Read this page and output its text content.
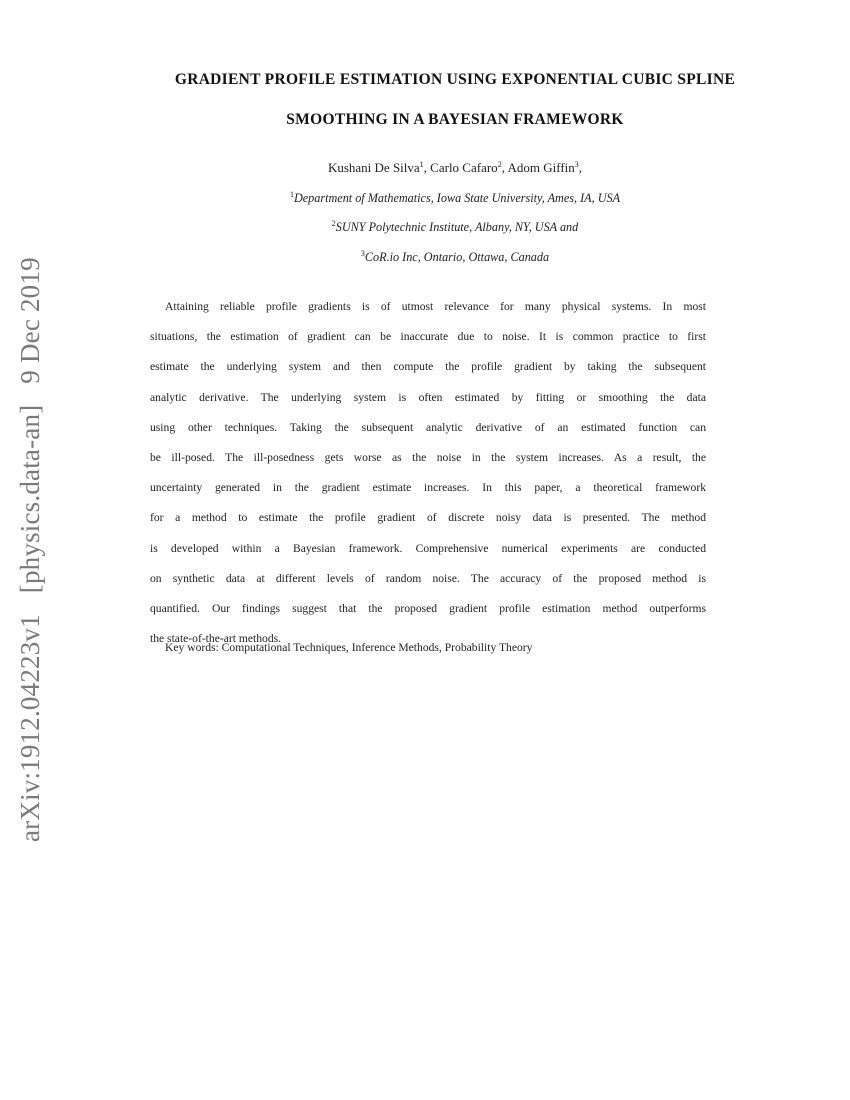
arXiv:1912.04223v1 [physics.data-an] 9 Dec 2019
GRADIENT PROFILE ESTIMATION USING EXPONENTIAL CUBIC SPLINE
SMOOTHING IN A BAYESIAN FRAMEWORK
Kushani De Silva$^1$, Carlo Cafaro$^2$, Adom Giffin$^3$,
$^1$Department of Mathematics, Iowa State University, Ames, IA, USA
$^2$SUNY Polytechnic Institute, Albany, NY, USA and
$^3$CoR.io Inc, Ontario, Ottawa, Canada
Attaining reliable profile gradients is of utmost relevance for many physical systems. In most
situations, the estimation of gradient can be inaccurate due to noise. It is common practice to first
estimate the underlying system and then compute the profile gradient by taking the subsequent
analytic derivative. The underlying system is often estimated by fitting or smoothing the data
using other techniques. Taking the subsequent analytic derivative of an estimated function can
be ill-posed. The ill-posedness gets worse as the noise in the system increases. As a result, the
uncertainty generated in the gradient estimate increases. In this paper, a theoretical framework
for a method to estimate the profile gradient of discrete noisy data is presented. The method
is developed within a Bayesian framework. Comprehensive numerical experiments are conducted
on synthetic data at different levels of random noise. The accuracy of the proposed method is
quantified. Our findings suggest that the proposed gradient profile estimation method outperforms
the state-of-the-art methods.
Key words: Computational Techniques, Inference Methods, Probability Theory
